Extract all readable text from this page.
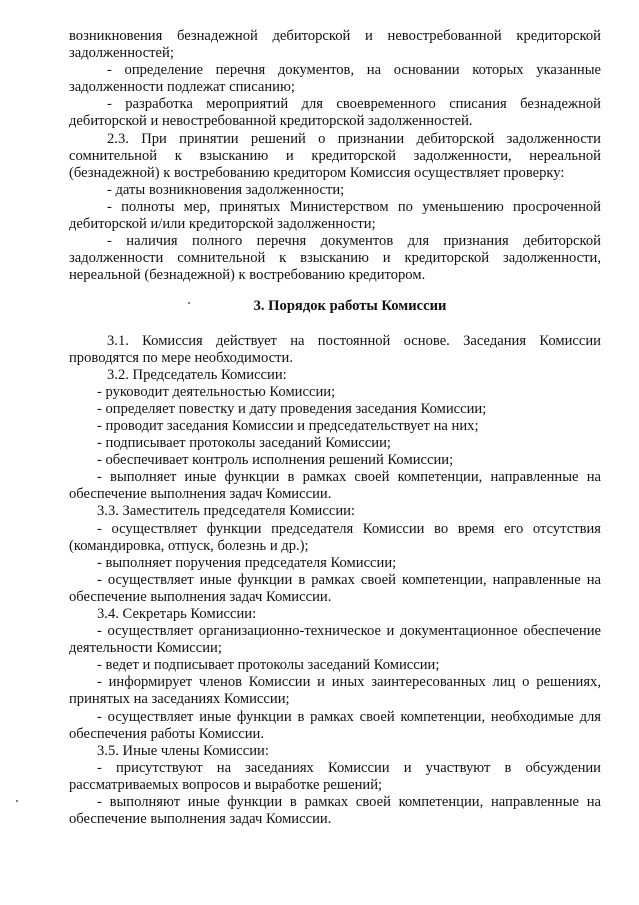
возникновения безнадежной дебиторской и невостребованной кредиторской задолженностей;

- определение перечня документов, на основании которых указанные задолженности подлежат списанию;

- разработка мероприятий для своевременного списания безнадежной дебиторской и невостребованной кредиторской задолженностей.

2.3. При принятии решений о признании дебиторской задолженности сомнительной к взысканию и кредиторской задолженности, нереальной (безнадежной) к востребованию кредитором Комиссия осуществляет проверку:

- даты возникновения задолженности;

- полноты мер, принятых Министерством по уменьшению просроченной дебиторской и/или кредиторской задолженности;

- наличия полного перечня документов для признания дебиторской задолженности сомнительной к взысканию и кредиторской задолженности, нереальной (безнадежной) к востребованию кредитором.

3. Порядок работы Комиссии

3.1. Комиссия действует на постоянной основе. Заседания Комиссии проводятся по мере необходимости.

3.2. Председатель Комиссии:

- руководит деятельностью Комиссии;

- определяет повестку и дату проведения заседания Комиссии;

- проводит заседания Комиссии и председательствует на них;

- подписывает протоколы заседаний Комиссии;

- обеспечивает контроль исполнения решений Комиссии;

- выполняет иные функции в рамках своей компетенции, направленные на обеспечение выполнения задач Комиссии.

3.3. Заместитель председателя Комиссии:

- осуществляет функции председателя Комиссии во время его отсутствия (командировка, отпуск, болезнь и др.);

- выполняет поручения председателя Комиссии;

- осуществляет иные функции в рамках своей компетенции, направленные на обеспечение выполнения задач Комиссии.

3.4. Секретарь Комиссии:

- осуществляет организационно-техническое и документационное обеспечение деятельности Комиссии;

- ведет и подписывает протоколы заседаний Комиссии;

- информирует членов Комиссии и иных заинтересованных лиц о решениях, принятых на заседаниях Комиссии;

- осуществляет иные функции в рамках своей компетенции, необходимые для обеспечения работы Комиссии.

3.5. Иные члены Комиссии:

- присутствуют на заседаниях Комиссии и участвуют в обсуждении рассматриваемых вопросов и выработке решений;

- выполняют иные функции в рамках своей компетенции, направленные на обеспечение выполнения задач Комиссии.
